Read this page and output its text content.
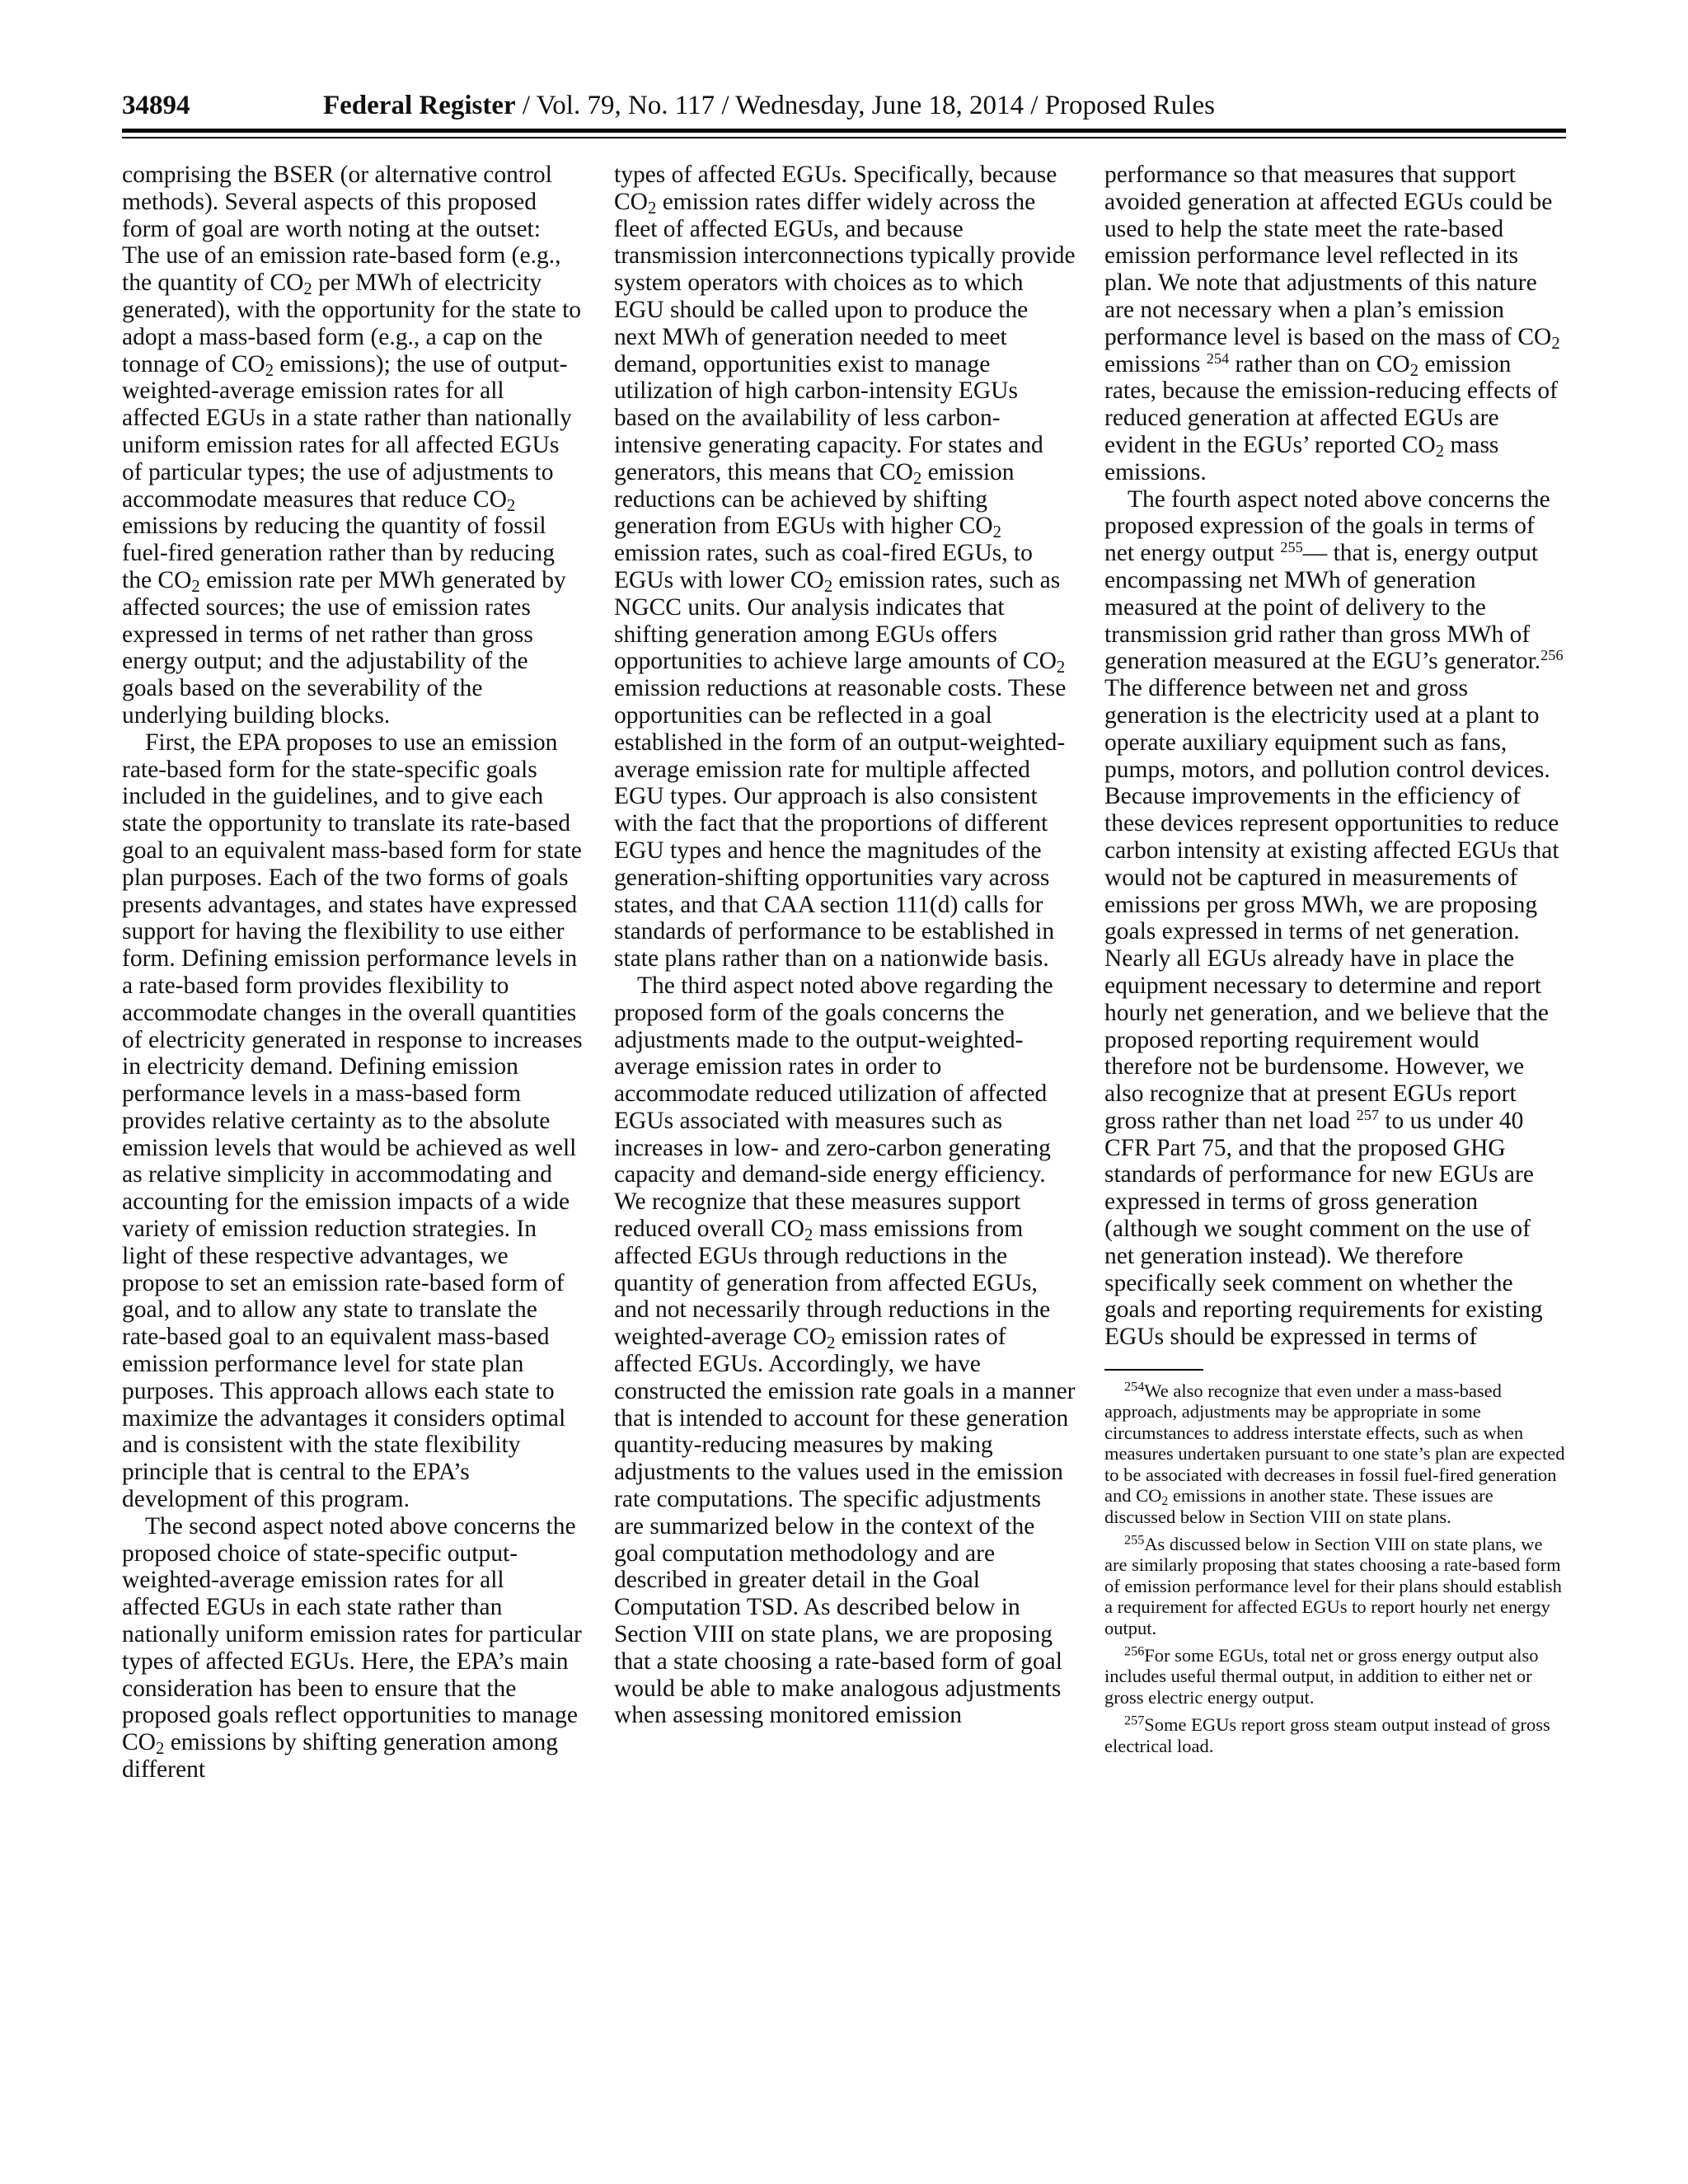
34894	Federal Register / Vol. 79, No. 117 / Wednesday, June 18, 2014 / Proposed Rules

comprising the BSER (or alternative control methods). Several aspects of this proposed form of goal are worth noting at the outset: The use of an emission rate-based form (e.g., the quantity of $CO_2$ per MWh of electricity generated), with the opportunity for the state to adopt a mass-based form (e.g., a cap on the tonnage of $CO_2$ emissions); the use of output-weighted-average emission rates for all affected EGUs in a state rather than nationally uniform emission rates for all affected EGUs of particular types; the use of adjustments to accommodate measures that reduce $CO_2$ emissions by reducing the quantity of fossil fuel-fired generation rather than by reducing the $CO_2$ emission rate per MWh generated by affected sources; the use of emission rates expressed in terms of net rather than gross energy output; and the adjustability of the goals based on the severability of the underlying building blocks.

First, the EPA proposes to use an emission rate-based form for the state-specific goals included in the guidelines, and to give each state the opportunity to translate its rate-based goal to an equivalent mass-based form for state plan purposes. Each of the two forms of goals presents advantages, and states have expressed support for having the flexibility to use either form. Defining emission performance levels in a rate-based form provides flexibility to accommodate changes in the overall quantities of electricity generated in response to increases in electricity demand. Defining emission performance levels in a mass-based form provides relative certainty as to the absolute emission levels that would be achieved as well as relative simplicity in accommodating and accounting for the emission impacts of a wide variety of emission reduction strategies. In light of these respective advantages, we propose to set an emission rate-based form of goal, and to allow any state to translate the rate-based goal to an equivalent mass-based emission performance level for state plan purposes. This approach allows each state to maximize the advantages it considers optimal and is consistent with the state flexibility principle that is central to the EPA’s development of this program.

The second aspect noted above concerns the proposed choice of state-specific output-weighted-average emission rates for all affected EGUs in each state rather than nationally uniform emission rates for particular types of affected EGUs. Here, the EPA’s main consideration has been to ensure that the proposed goals reflect opportunities to manage $CO_2$ emissions by shifting generation among different

types of affected EGUs. Specifically, because $CO_2$ emission rates differ widely across the fleet of affected EGUs, and because transmission interconnections typically provide system operators with choices as to which EGU should be called upon to produce the next MWh of generation needed to meet demand, opportunities exist to manage utilization of high carbon-intensity EGUs based on the availability of less carbon-intensive generating capacity. For states and generators, this means that $CO_2$ emission reductions can be achieved by shifting generation from EGUs with higher $CO_2$ emission rates, such as coal-fired EGUs, to EGUs with lower $CO_2$ emission rates, such as NGCC units. Our analysis indicates that shifting generation among EGUs offers opportunities to achieve large amounts of $CO_2$ emission reductions at reasonable costs. These opportunities can be reflected in a goal established in the form of an output-weighted-average emission rate for multiple affected EGU types. Our approach is also consistent with the fact that the proportions of different EGU types and hence the magnitudes of the generation-shifting opportunities vary across states, and that CAA section 111(d) calls for standards of performance to be established in state plans rather than on a nationwide basis.

The third aspect noted above regarding the proposed form of the goals concerns the adjustments made to the output-weighted-average emission rates in order to accommodate reduced utilization of affected EGUs associated with measures such as increases in low- and zero-carbon generating capacity and demand-side energy efficiency. We recognize that these measures support reduced overall $CO_2$ mass emissions from affected EGUs through reductions in the quantity of generation from affected EGUs, and not necessarily through reductions in the weighted-average $CO_2$ emission rates of affected EGUs. Accordingly, we have constructed the emission rate goals in a manner that is intended to account for these generation quantity-reducing measures by making adjustments to the values used in the emission rate computations. The specific adjustments are summarized below in the context of the goal computation methodology and are described in greater detail in the Goal Computation TSD. As described below in Section VIII on state plans, we are proposing that a state choosing a rate-based form of goal would be able to make analogous adjustments when assessing monitored emission

performance so that measures that support avoided generation at affected EGUs could be used to help the state meet the rate-based emission performance level reflected in its plan. We note that adjustments of this nature are not necessary when a plan’s emission performance level is based on the mass of $CO_2$ emissions $^{254}$ rather than on $CO_2$ emission rates, because the emission-reducing effects of reduced generation at affected EGUs are evident in the EGUs’ reported $CO_2$ mass emissions.

The fourth aspect noted above concerns the proposed expression of the goals in terms of net energy output $^{255}$— that is, energy output encompassing net MWh of generation measured at the point of delivery to the transmission grid rather than gross MWh of generation measured at the EGU’s generator.$^{256}$ The difference between net and gross generation is the electricity used at a plant to operate auxiliary equipment such as fans, pumps, motors, and pollution control devices. Because improvements in the efficiency of these devices represent opportunities to reduce carbon intensity at existing affected EGUs that would not be captured in measurements of emissions per gross MWh, we are proposing goals expressed in terms of net generation. Nearly all EGUs already have in place the equipment necessary to determine and report hourly net generation, and we believe that the proposed reporting requirement would therefore not be burdensome. However, we also recognize that at present EGUs report gross rather than net load $^{257}$ to us under 40 CFR Part 75, and that the proposed GHG standards of performance for new EGUs are expressed in terms of gross generation (although we sought comment on the use of net generation instead). We therefore specifically seek comment on whether the goals and reporting requirements for existing EGUs should be expressed in terms of

$^{254}$We also recognize that even under a mass-based approach, adjustments may be appropriate in some circumstances to address interstate effects, such as when measures undertaken pursuant to one state’s plan are expected to be associated with decreases in fossil fuel-fired generation and $CO_2$ emissions in another state. These issues are discussed below in Section VIII on state plans.

$^{255}$As discussed below in Section VIII on state plans, we are similarly proposing that states choosing a rate-based form of emission performance level for their plans should establish a requirement for affected EGUs to report hourly net energy output.

$^{256}$For some EGUs, total net or gross energy output also includes useful thermal output, in addition to either net or gross electric energy output.

$^{257}$Some EGUs report gross steam output instead of gross electrical load.
